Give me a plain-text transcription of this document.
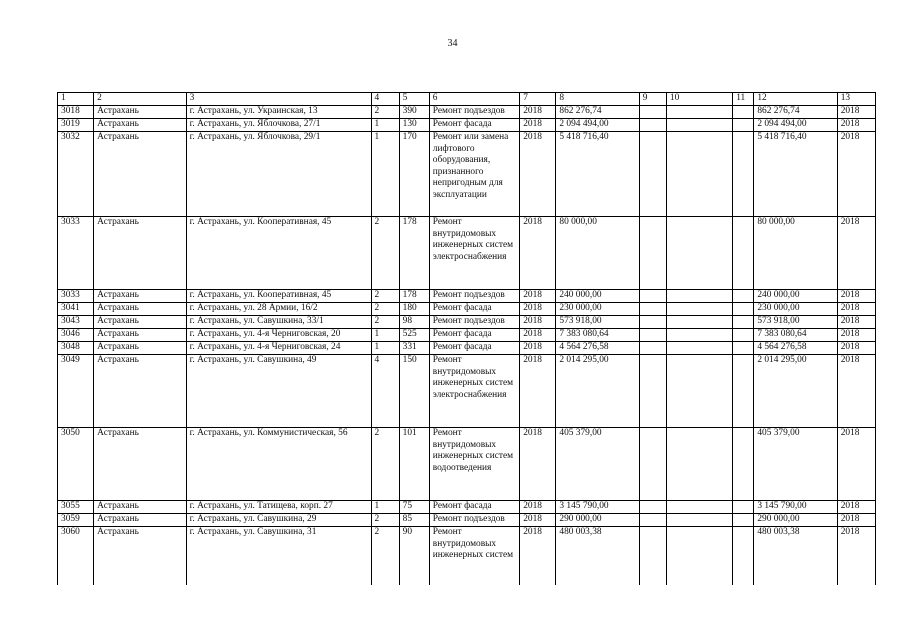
34
1	2	3	4	5	6	7	8	9	10	11	12	13
3018	Астрахань	г. Астрахань, ул. Украинская, 13	2	390	Ремонт подъездов	2018	862 276,74				862 276,74	2018
3019	Астрахань	г. Астрахань, ул. Яблочкова, 27/1	1	130	Ремонт фасада	2018	2 094 494,00				2 094 494,00	2018
3032	Астрахань	г. Астрахань, ул. Яблочкова, 29/1	1	170	Ремонт или замена лифтового оборудования, признанного непригодным для эксплуатации	2018	5 418 716,40				5 418 716,40	2018
3033	Астрахань	г. Астрахань, ул. Кооперативная, 45	2	178	Ремонт внутридомовых инженерных систем электроснабжения	2018	80 000,00				80 000,00	2018
3033	Астрахань	г. Астрахань, ул. Кооперативная, 45	2	178	Ремонт подъездов	2018	240 000,00				240 000,00	2018
3041	Астрахань	г. Астрахань, ул. 28 Армии, 16/2	2	180	Ремонт фасада	2018	230 000,00				230 000,00	2018
3043	Астрахань	г. Астрахань, ул. Савушкина, 33/1	2	98	Ремонт подъездов	2018	573 918,00				573 918,00	2018
3046	Астрахань	г. Астрахань, ул. 4-я Черниговская, 20	1	525	Ремонт фасада	2018	7 383 080,64				7 383 080,64	2018
3048	Астрахань	г. Астрахань, ул. 4-я Черниговская, 24	1	331	Ремонт фасада	2018	4 564 276,58				4 564 276,58	2018
3049	Астрахань	г. Астрахань, ул. Савушкина, 49	4	150	Ремонт внутридомовых инженерных систем электроснабжения	2018	2 014 295,00				2 014 295,00	2018
3050	Астрахань	г. Астрахань, ул. Коммунистическая, 56	2	101	Ремонт внутридомовых инженерных систем водоотведения	2018	405 379,00				405 379,00	2018
3055	Астрахань	г. Астрахань, ул. Татищева, корп. 27	1	75	Ремонт фасада	2018	3 145 790,00				3 145 790,00	2018
3059	Астрахань	г. Астрахань, ул. Савушкина, 29	2	85	Ремонт подъездов	2018	290 000,00				290 000,00	2018
3060	Астрахань	г. Астрахань, ул. Савушкина, 31	2	90	Ремонт внутридомовых инженерных систем	2018	480 003,38				480 003,38	2018
